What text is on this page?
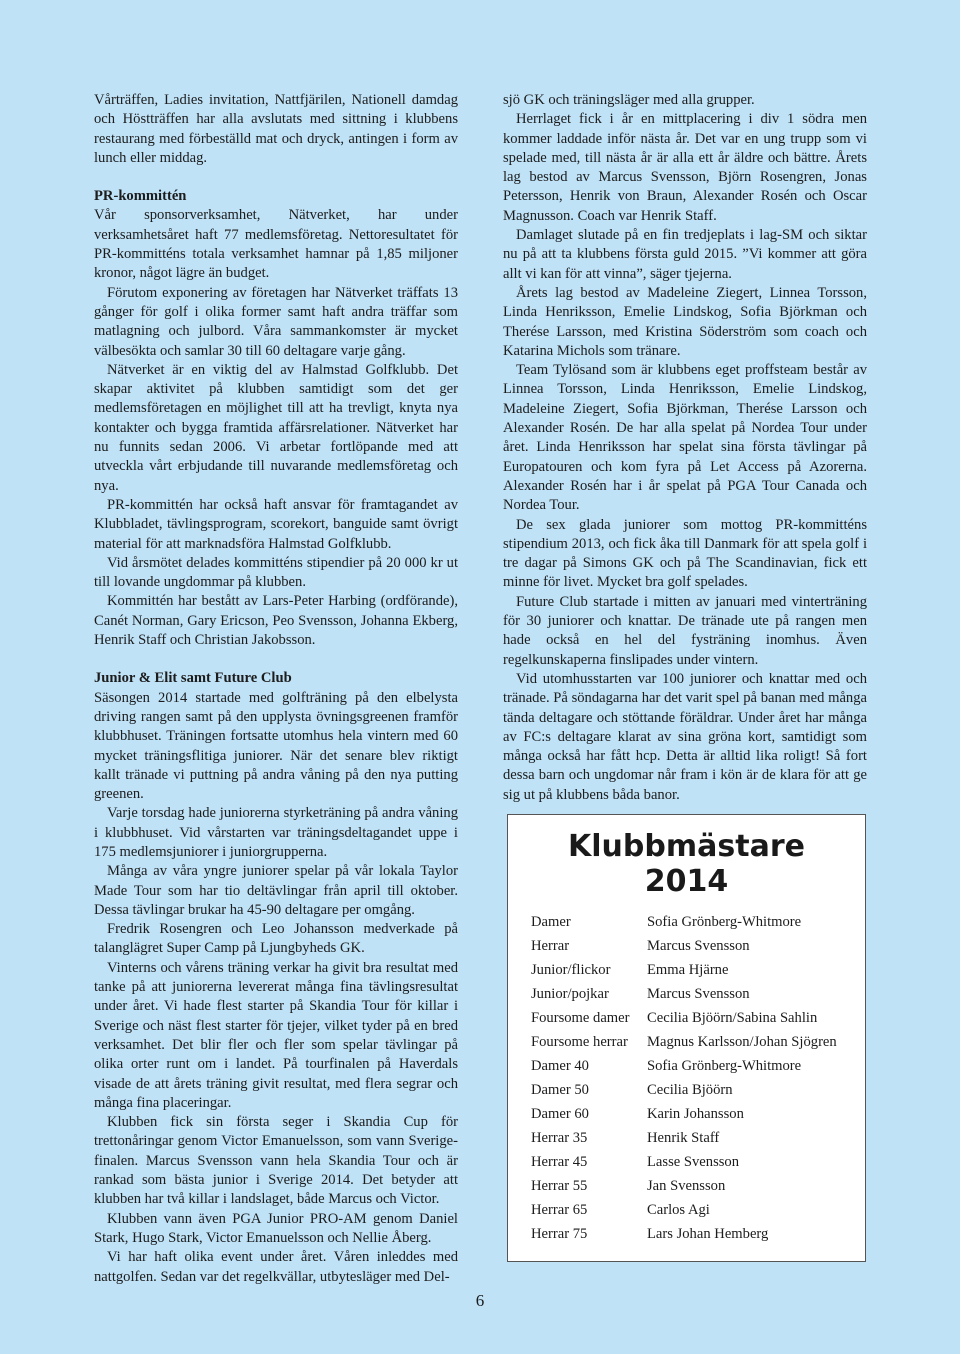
Vårträffen, Ladies invitation, Nattfjärilen, Nationell damdag och Höstträffen har alla avslutats med sittning i klubbens restaurang med förbeställd mat och dryck, antingen i form av lunch eller middag.

PR-kommittén

Vår sponsorverksamhet, Nätverket, har under verksamhetsåret haft 77 medlemsföretag. Nettoresultatet för PR-kommitténs totala verksamhet hamnar på 1,85 miljoner kronor, något lägre än budget.

Förutom exponering av företagen har Nätverket träffats 13 gånger för golf i olika former samt haft andra träffar som matlagning och julbord. Våra sammankomster är mycket välbesökta och samlar 30 till 60 deltagare varje gång.

Nätverket är en viktig del av Halmstad Golfklubb. Det skapar aktivitet på klubben samtidigt som det ger medlemsföretagen en möjlighet till att ha trevligt, knyta nya kontakter och bygga framtida affärsrelationer. Nätverket har nu funnits sedan 2006. Vi arbetar fortlöpande med att utveckla vårt erbjudande till nuvarande medlemsföretag och nya.

PR-kommittén har också haft ansvar för framtagandet av Klubbladet, tävlingsprogram, scorekort, banguide samt övrigt material för att marknadsföra Halmstad Golfklubb.

Vid årsmötet delades kommitténs stipendier på 20 000 kr ut till lovande ungdommar på klubben.

Kommittén har bestått av Lars-Peter Harbing (ordförande), Canét Norman, Gary Ericson, Peo Svensson, Johanna Ekberg, Henrik Staff och Christian Jakobsson.

Junior & Elit samt Future Club

Säsongen 2014 startade med golfträning på den elbelysta driving rangen samt på den upplysta övningsgreenen framför klubbhuset. Träningen fortsatte utomhus hela vintern med 60 mycket träningsflitiga juniorer. När det senare blev riktigt kallt tränade vi puttning på andra våning på den nya putting greenen.

Varje torsdag hade juniorerna styrketräning på andra våning i klubbhuset. Vid vårstarten var träningsdeltagandet uppe i 175 medlemsjuniorer i juniorgrupperna.

Många av våra yngre juniorer spelar på vår lokala Taylor Made Tour som har tio deltävlingar från april till oktober. Dessa tävlingar brukar ha 45-90 deltagare per omgång.

Fredrik Rosengren och Leo Johansson medverkade på talanglägret Super Camp på Ljungbyheds GK.

Vinterns och vårens träning verkar ha givit bra resultat med tanke på att juniorerna levererat många fina tävlingsresultat under året. Vi hade flest starter på Skandia Tour för killar i Sverige och näst flest starter för tjejer, vilket tyder på en bred verksamhet. Det blir fler och fler som spelar tävlingar på olika orter runt om i landet. På tourfinalen på Haverdals visade de att årets träning givit resultat, med flera segrar och många fina placeringar.

Klubben fick sin första seger i Skandia Cup för trettonåringar genom Victor Emanuelsson, som vann Sverige-finalen. Marcus Svensson vann hela Skandia Tour och är rankad som bästa junior i Sverige 2014. Det betyder att klubben har två killar i landslaget, både Marcus och Victor.

Klubben vann även PGA Junior PRO-AM genom Daniel Stark, Hugo Stark, Victor Emanuelsson och Nellie Åberg.

Vi har haft olika event under året. Våren inleddes med nattgolfen. Sedan var det regelkvällar, utbytesläger med Del-

sjö GK och träningsläger med alla grupper.

Herrlaget fick i år en mittplacering i div 1 södra men kommer laddade inför nästa år. Det var en ung trupp som vi spelade med, till nästa år är alla ett år äldre och bättre. Årets lag bestod av Marcus Svensson, Björn Rosengren, Jonas Petersson, Henrik von Braun, Alexander Rosén och Oscar Magnusson. Coach var Henrik Staff.

Damlaget slutade på en fin tredjeplats i lag-SM och siktar nu på att ta klubbens första guld 2015. ”Vi kommer att göra allt vi kan för att vinna”, säger tjejerna.

Årets lag bestod av Madeleine Ziegert, Linnea Torsson, Linda Henriksson, Emelie Lindskog, Sofia Björkman och Therése Larsson, med Kristina Söderström som coach och Katarina Michols som tränare.

Team Tylösand som är klubbens eget proffsteam består av Linnea Torsson, Linda Henriksson, Emelie Lindskog, Madeleine Ziegert, Sofia Björkman, Therése Larsson och Alexander Rosén. De har alla spelat på Nordea Tour under året. Linda Henriksson har spelat sina första tävlingar på Europatouren och kom fyra på Let Access på Azorerna. Alexander Rosén har i år spelat på PGA Tour Canada och Nordea Tour.

De sex glada juniorer som mottog PR-kommitténs stipendium 2013, och fick åka till Danmark för att spela golf i tre dagar på Simons GK och på The Scandinavian, fick ett minne för livet. Mycket bra golf spelades.

Future Club startade i mitten av januari med vinterträning för 30 juniorer och knattar. De tränade ute på rangen men hade också en hel del fysträning inomhus. Även regelkunskaperna finslipades under vintern.

Vid utomhusstarten var 100 juniorer och knattar med och tränade. På söndagarna har det varit spel på banan med många tända deltagare och stöttande föräldrar. Under året har många av FC:s deltagare klarat av sina gröna kort, samtidigt som många också har fått hcp. Detta är alltid lika roligt! Så fort dessa barn och ungdomar når fram i kön är de klara för att ge sig ut på klubbens båda banor.

Klubbmästare
2014
Damer	Sofia Grönberg-Whitmore
Herrar	Marcus Svensson
Junior/flickor	Emma Hjärne
Junior/pojkar	Marcus Svensson
Foursome damer	Cecilia Bjöörn/Sabina Sahlin
Foursome herrar	Magnus Karlsson/Johan Sjögren
Damer 40	Sofia Grönberg-Whitmore
Damer 50	Cecilia Bjöörn
Damer 60	Karin Johansson
Herrar 35	Henrik Staff
Herrar 45	Lasse Svensson
Herrar 55	Jan Svensson
Herrar 65	Carlos Agi
Herrar 75	Lars Johan Hemberg
6
